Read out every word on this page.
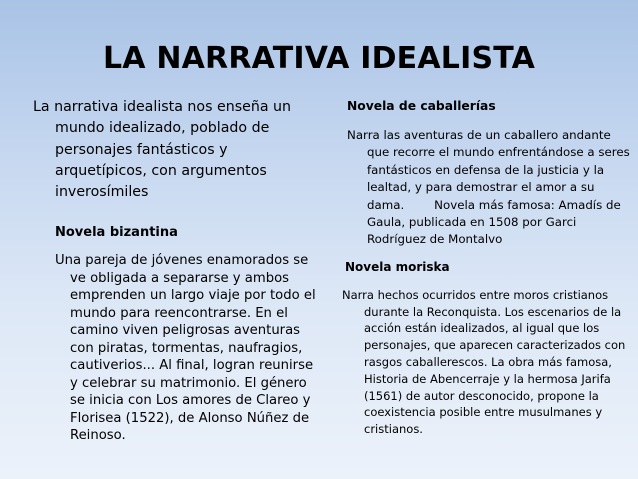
LA NARRATIVA IDEALISTA

La narrativa idealista nos enseña un mundo idealizado, poblado de personajes fantásticos y arquetípicos, con argumentos inverosímiles

Novela bizantina
Una pareja de jóvenes enamorados se ve obligada a separarse y ambos emprenden un largo viaje por todo el mundo para reencontrarse. En el camino viven peligrosas aventuras con piratas, tormentas, naufragios, cautiverios... Al final, logran reunirse y celebrar su matrimonio. El género se inicia con Los amores de Clareo y Florisea (1522), de Alonso Núñez de Reinoso.
Novela de caballerías
Narra las aventuras de un caballero andante que recorre el mundo enfrentándose a seres fantásticos en defensa de la justicia y la lealtad, y para demostrar el amor a su dama.        Novela más famosa: Amadís de Gaula, publicada en 1508 por Garci Rodríguez de Montalvo
Novela moriska
Narra hechos ocurridos entre moros cristianos durante la Reconquista. Los escenarios de la acción están idealizados, al igual que los personajes, que aparecen caracterizados con rasgos caballerescos. La obra más famosa, Historia de Abencerraje y la hermosa Jarifa (1561) de autor desconocido, propone la coexistencia posible entre musulmanes y cristianos.
